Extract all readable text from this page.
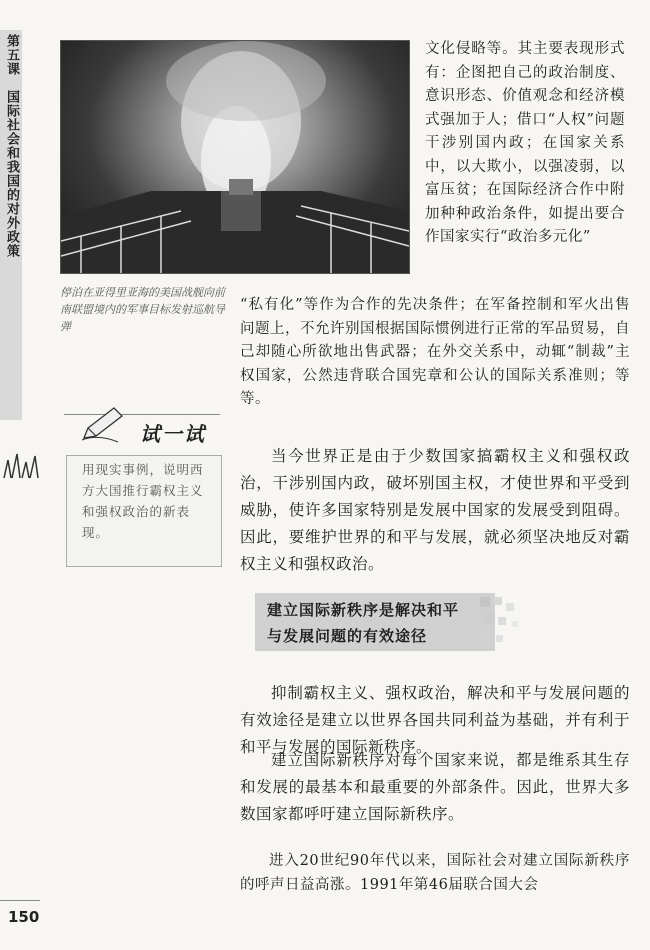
第五课国际社会和我国的对外政策
停泊在亚得里亚海的美国战舰向前南联盟境内的军事目标发射巡航导弹
文化侵略等。其主要表现形式有：企图把自己的政治制度、意识形态、价值观念和经济模式强加于人；借口“人权”问题干涉别国内政；在国家关系中，以大欺小，以强凌弱，以富压贫；在国际经济合作中附加种种政治条件，如提出要合作国家实行“政治多元化”
“私有化”等作为合作的先决条件；在军备控制和军火出售问题上，不允许别国根据国际惯例进行正常的军品贸易，自己却随心所欲地出售武器；在外交关系中，动辄“制裁”主权国家，公然违背联合国宪章和公认的国际关系准则；等等。
试一试
用现实事例，说明西方大国推行霸权主义和强权政治的新表现。
当今世界正是由于少数国家搞霸权主义和强权政治，干涉别国内政，破坏别国主权，才使世界和平受到威胁，使许多国家特别是发展中国家的发展受到阻碍。因此，要维护世界的和平与发展，就必须坚决地反对霸权主义和强权政治。
建立国际新秩序是解决和平
与发展问题的有效途径
抑制霸权主义、强权政治，解决和平与发展问题的有效途径是建立以世界各国共同利益为基础，并有利于和平与发展的国际新秩序。
建立国际新秩序对每个国家来说，都是维系其生存和发展的最基本和最重要的外部条件。因此，世界大多数国家都呼吁建立国际新秩序。
进入20世纪90年代以来，国际社会对建立国际新秩序的呼声日益高涨。1991年第46届联合国大会
150
